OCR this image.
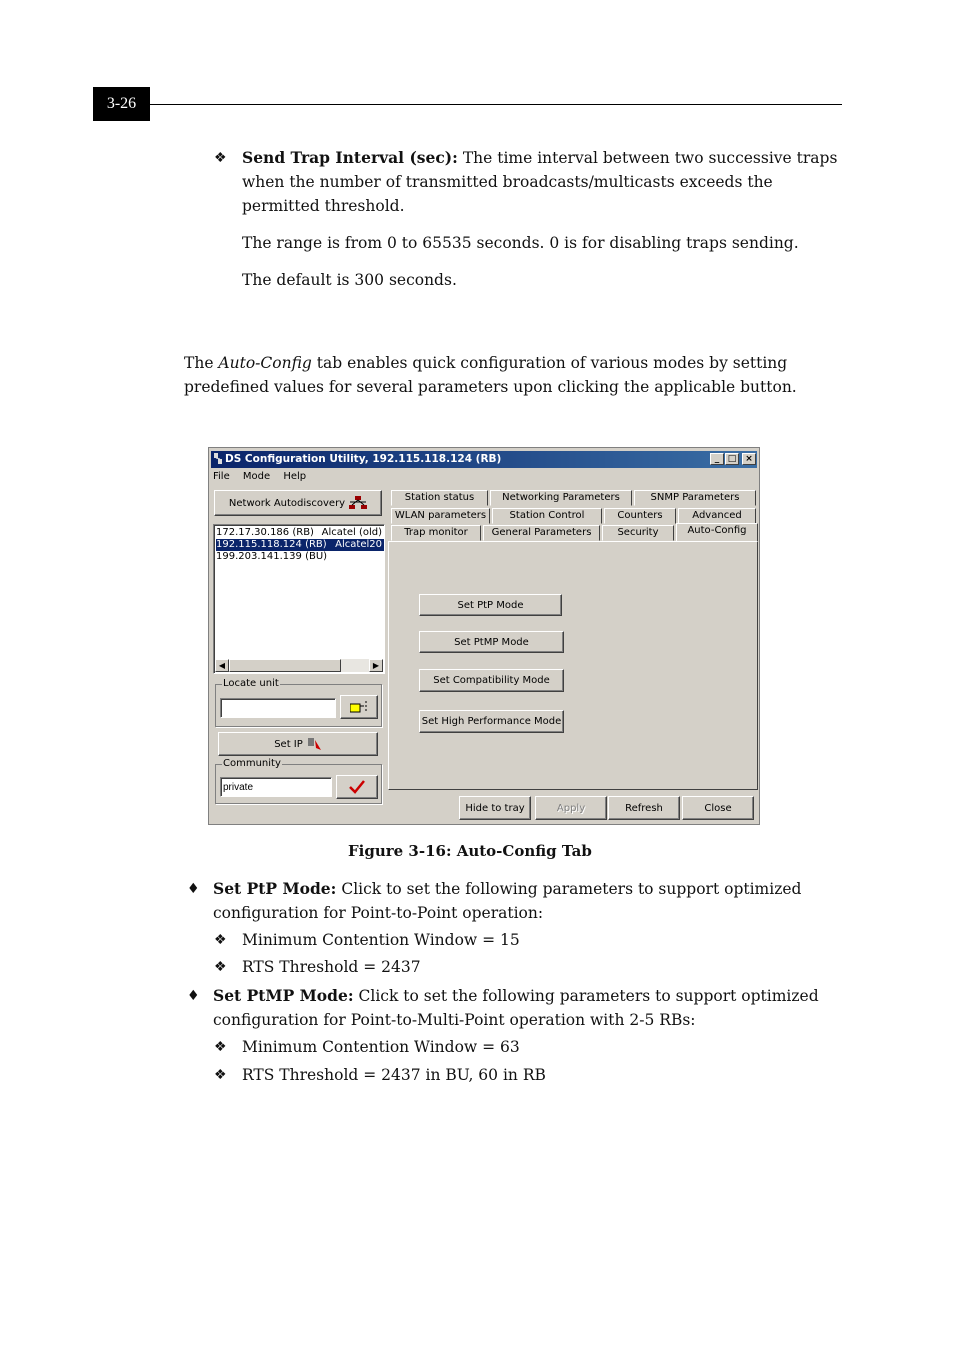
3-26
❖ Send Trap Interval (sec): The time interval between two successive traps
when the number of transmitted broadcasts/multicasts exceeds the
permitted threshold.
The range is from 0 to 65535 seconds. 0 is for disabling traps sending.
The default is 300 seconds.
The Auto-Config tab enables quick configuration of various modes by setting
predefined values for several parameters upon clicking the applicable button.
DS Configuration Utility, 192.115.118.124 (RB)	_ □ ×
File Mode Help
Network Autodiscovery
172.17.30.186 (RB) Alcatel (old)
192.115.118.124 (RB) Alcatel20
199.203.141.139 (BU)
◀	▶
Locate unit
Set IP
Community
private
Station status	Networking Parameters	SNMP Parameters
WLAN parameters	Station Control	Counters	Advanced
Trap monitor	General Parameters	Security	Auto-Config
Set PtP Mode
Set PtMP Mode
Set Compatibility Mode
Set High Performance Mode
Hide to tray	Apply	Refresh	Close
Figure 3-16: Auto-Config Tab
♦ Set PtP Mode: Click to set the following parameters to support optimized
configuration for Point-to-Point operation:
❖ Minimum Contention Window = 15
❖ RTS Threshold = 2437
♦ Set PtMP Mode: Click to set the following parameters to support optimized
configuration for Point-to-Multi-Point operation with 2-5 RBs:
❖ Minimum Contention Window = 63
❖ RTS Threshold = 2437 in BU, 60 in RB
